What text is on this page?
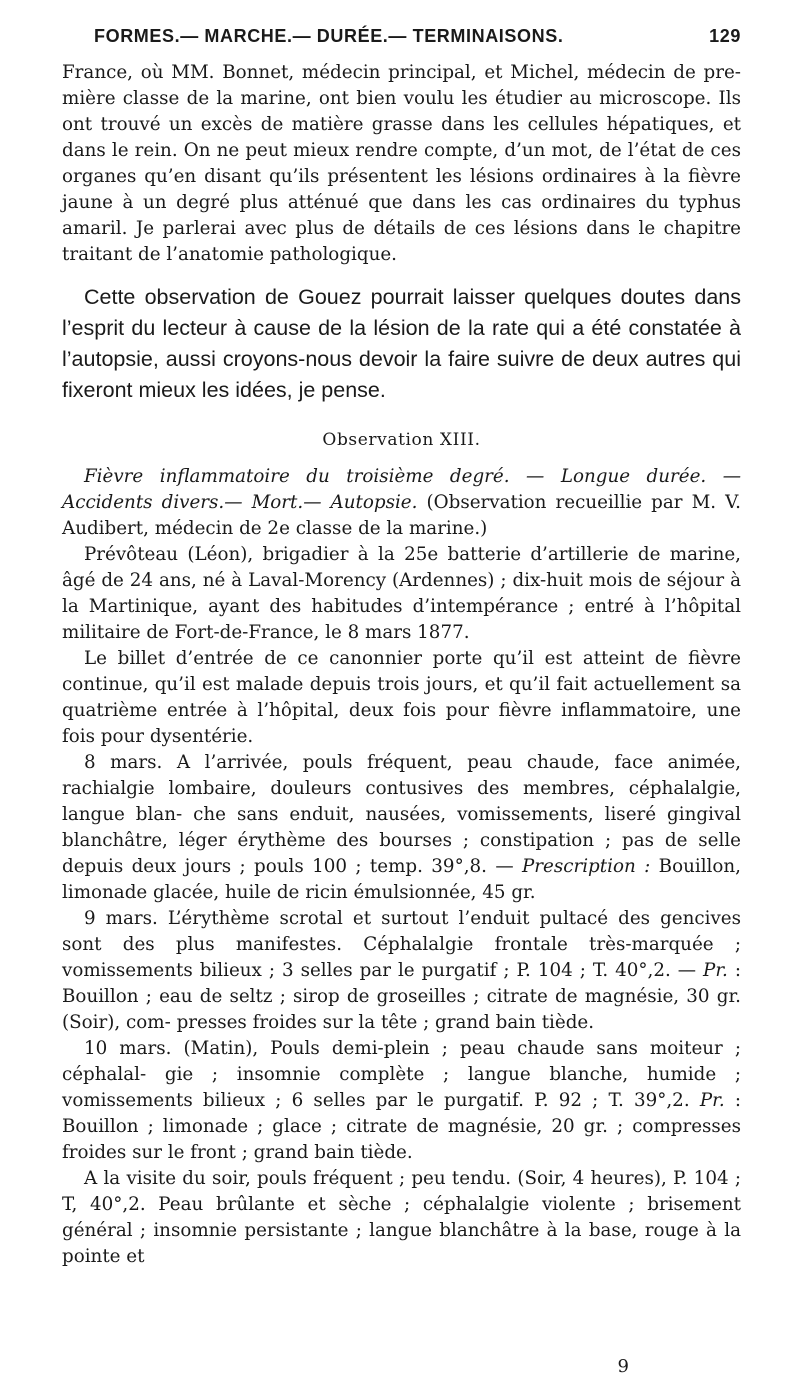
FORMES.— MARCHE.— DURÉE.— TERMINAISONS.	129

France, où MM. Bonnet, médecin principal, et Michel, médecin de pre- mière classe de la marine, ont bien voulu les étudier au microscope. Ils ont trouvé un excès de matière grasse dans les cellules hépatiques, et dans le rein. On ne peut mieux rendre compte, d’un mot, de l’état de ces organes qu’en disant qu’ils présentent les lésions ordinaires à la fièvre jaune à un degré plus atténué que dans les cas ordinaires du typhus amaril. Je parlerai avec plus de détails de ces lésions dans le chapitre traitant de l’anatomie pathologique.

Cette observation de Gouez pourrait laisser quelques doutes dans l’esprit du lecteur à cause de la lésion de la rate qui a été constatée à l’autopsie, aussi croyons-nous devoir la faire suivre de deux autres qui fixeront mieux les idées, je pense.

Observation XIII.

Fièvre inflammatoire du troisième degré. — Longue durée. — Accidents divers.— Mort.— Autopsie. (Observation recueillie par M. V. Audibert, médecin de 2e classe de la marine.)

Prévôteau (Léon), brigadier à la 25e batterie d’artillerie de marine, âgé de 24 ans, né à Laval-Morency (Ardennes) ; dix-huit mois de séjour à la Martinique, ayant des habitudes d’intempérance ; entré à l’hôpital militaire de Fort-de-France, le 8 mars 1877.

Le billet d’entrée de ce canonnier porte qu’il est atteint de fièvre continue, qu’il est malade depuis trois jours, et qu’il fait actuellement sa quatrième entrée à l’hôpital, deux fois pour fièvre inflammatoire, une fois pour dysentérie.

8 mars. A l’arrivée, pouls fréquent, peau chaude, face animée, rachialgie lombaire, douleurs contusives des membres, céphalalgie, langue blan- che sans enduit, nausées, vomissements, liseré gingival blanchâtre, léger érythème des bourses ; constipation ; pas de selle depuis deux jours ; pouls 100 ; temp. 39°,8. — Prescription : Bouillon, limonade glacée, huile de ricin émulsionnée, 45 gr.

9 mars. L’érythème scrotal et surtout l’enduit pultacé des gencives sont des plus manifestes. Céphalalgie frontale très-marquée ; vomissements bilieux ; 3 selles par le purgatif ; P. 104 ; T. 40°,2. — Pr. : Bouillon ; eau de seltz ; sirop de groseilles ; citrate de magnésie, 30 gr. (Soir), com- presses froides sur la tête ; grand bain tiède.

10 mars. (Matin), Pouls demi-plein ; peau chaude sans moiteur ; céphalal- gie ; insomnie complète ; langue blanche, humide ; vomissements bilieux ; 6 selles par le purgatif. P. 92 ; T. 39°,2. Pr. : Bouillon ; limonade ; glace ; citrate de magnésie, 20 gr. ; compresses froides sur le front ; grand bain tiède.

A la visite du soir, pouls fréquent ; peu tendu. (Soir, 4 heures), P. 104 ; T, 40°,2. Peau brûlante et sèche ; céphalalgie violente ; brisement général ; insomnie persistante ; langue blanchâtre à la base, rouge à la pointe et

9
